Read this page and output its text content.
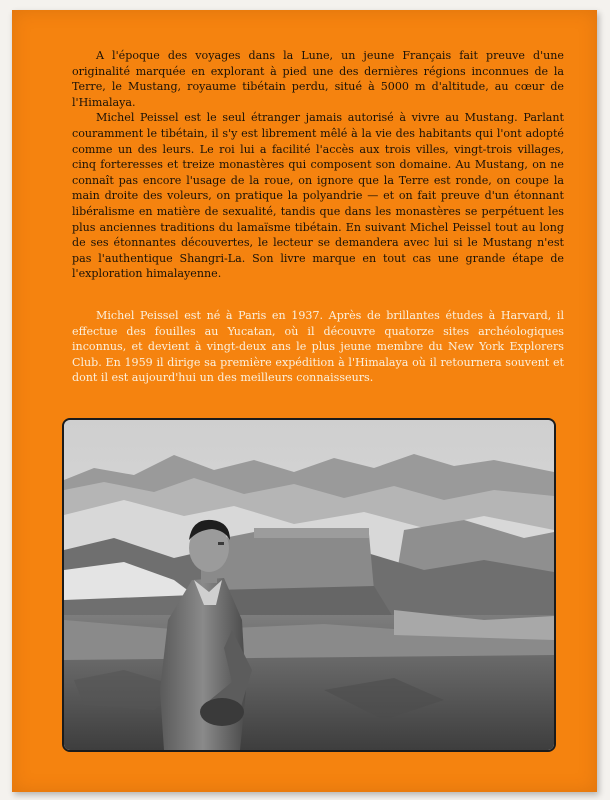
A l'époque des voyages dans la Lune, un jeune Français fait preuve d'une originalité marquée en explorant à pied une des dernières régions inconnues de la Terre, le Mustang, royaume tibétain perdu, situé à 5000 m d'altitude, au cœur de l'Himalaya.

Michel Peissel est le seul étranger jamais autorisé à vivre au Mustang. Parlant couramment le tibétain, il s'y est librement mêlé à la vie des habitants qui l'ont adopté comme un des leurs. Le roi lui a facilité l'accès aux trois villes, vingt-trois villages, cinq forteresses et treize monastères qui composent son domaine. Au Mustang, on ne connaît pas encore l'usage de la roue, on ignore que la Terre est ronde, on coupe la main droite des voleurs, on pratique la polyandrie — et on fait preuve d'un étonnant libéralisme en matière de sexualité, tandis que dans les monastères se perpétuent les plus anciennes traditions du lamaïsme tibétain. En suivant Michel Peissel tout au long de ses étonnantes découvertes, le lecteur se demandera avec lui si le Mustang n'est pas l'authentique Shangri-La. Son livre marque en tout cas une grande étape de l'exploration himalayenne.

Michel Peissel est né à Paris en 1937. Après de brillantes études à Harvard, il effectue des fouilles au Yucatan, où il découvre quatorze sites archéologiques inconnus, et devient à vingt-deux ans le plus jeune membre du New York Explorers Club. En 1959 il dirige sa première expédition à l'Himalaya où il retournera souvent et dont il est aujourd'hui un des meilleurs connaisseurs.
